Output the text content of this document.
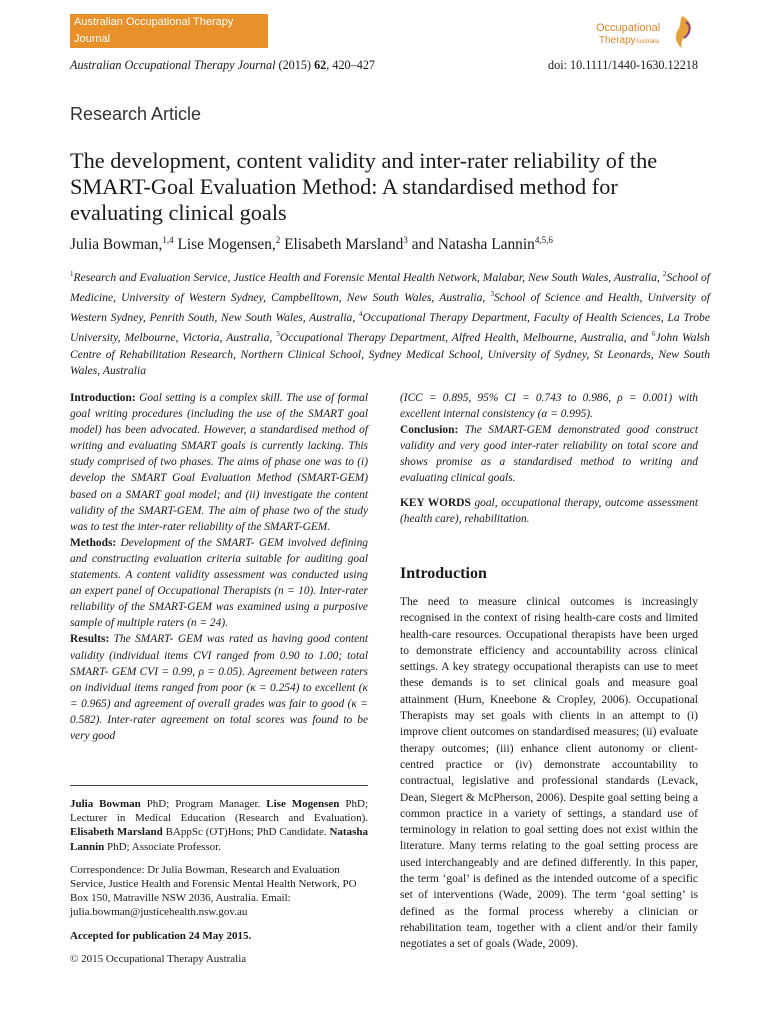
Australian Occupational Therapy
Journal
Occupational
TherapyAustralia
Australian Occupational Therapy Journal (2015) 62, 420–427	doi: 10.1111/1440-1630.12218
Research Article
The development, content validity and inter-rater reliability of the SMART-Goal Evaluation Method: A standardised method for evaluating clinical goals
Julia Bowman,$^{1,4}$ Lise Mogensen,$^2$ Elisabeth Marsland$^3$ and Natasha Lannin$^{4,5,6}$
$^1$Research and Evaluation Service, Justice Health and Forensic Mental Health Network, Malabar, New South Wales, Australia, $^2$School of Medicine, University of Western Sydney, Campbelltown, New South Wales, Australia, $^3$School of Science and Health, University of Western Sydney, Penrith South, New South Wales, Australia, $^4$Occupational Therapy Department, Faculty of Health Sciences, La Trobe University, Melbourne, Victoria, Australia, $^5$Occupational Therapy Department, Alfred Health, Melbourne, Australia, and $^6$John Walsh Centre of Rehabilitation Research, Northern Clinical School, Sydney Medical School, University of Sydney, St Leonards, New South Wales, Australia

Introduction: Goal setting is a complex skill. The use of formal goal writing procedures (including the use of the SMART goal model) has been advocated. However, a standardised method of writing and evaluating SMART goals is currently lacking. This study comprised of two phases. The aims of phase one was to (i) develop the SMART Goal Evaluation Method (SMART-GEM) based on a SMART goal model; and (ii) investigate the content validity of the SMART-GEM. The aim of phase two of the study was to test the inter-rater reliability of the SMART-GEM.

Methods: Development of the SMART- GEM involved defining and constructing evaluation criteria suitable for auditing goal statements. A content validity assessment was conducted using an expert panel of Occupational Therapists (n = 10). Inter-rater reliability of the SMART-GEM was examined using a purposive sample of multiple raters (n = 24).

Results: The SMART- GEM was rated as having good content validity (individual items CVI ranged from 0.90 to 1.00; total SMART- GEM CVI = 0.99, ρ = 0.05). Agreement between raters on individual items ranged from poor (κ = 0.254) to excellent (κ = 0.965) and agreement of overall grades was fair to good (κ = 0.582). Inter-rater agreement on total scores was found to be very good

(ICC = 0.895, 95% CI = 0.743 to 0.986, ρ = 0.001) with excellent internal consistency (α = 0.995).

Conclusion: The SMART-GEM demonstrated good construct validity and very good inter-rater reliability on total score and shows promise as a standardised method to writing and evaluating clinical goals.

KEY WORDS goal, occupational therapy, outcome assessment (health care), rehabilitation.

Julia Bowman PhD; Program Manager. Lise Mogensen PhD; Lecturer in Medical Education (Research and Evaluation). Elisabeth Marsland BAppSc (OT)Hons; PhD Candidate. Natasha Lannin PhD; Associate Professor.

Correspondence: Dr Julia Bowman, Research and Evaluation Service, Justice Health and Forensic Mental Health Network, PO Box 150, Matraville NSW 2036, Australia. Email: julia.bowman@justicehealth.nsw.gov.au

Accepted for publication 24 May 2015.

© 2015 Occupational Therapy Australia

Introduction

The need to measure clinical outcomes is increasingly recognised in the context of rising health-care costs and limited health-care resources. Occupational therapists have been urged to demonstrate efficiency and accountability across clinical settings. A key strategy occupational therapists can use to meet these demands is to set clinical goals and measure goal attainment (Hurn, Kneebone & Cropley, 2006). Occupational Therapists may set goals with clients in an attempt to (i) improve client outcomes on standardised measures; (ii) evaluate therapy outcomes; (iii) enhance client autonomy or client-centred practice or (iv) demonstrate accountability to contractual, legislative and professional standards (Levack, Dean, Siegert & McPherson, 2006). Despite goal setting being a common practice in a variety of settings, a standard use of terminology in relation to goal setting does not exist within the literature. Many terms relating to the goal setting process are used interchangeably and are defined differently. In this paper, the term ‘goal’ is defined as the intended outcome of a specific set of interventions (Wade, 2009). The term ‘goal setting’ is defined as the formal process whereby a clinician or rehabilitation team, together with a client and/or their family negotiates a set of goals (Wade, 2009).
